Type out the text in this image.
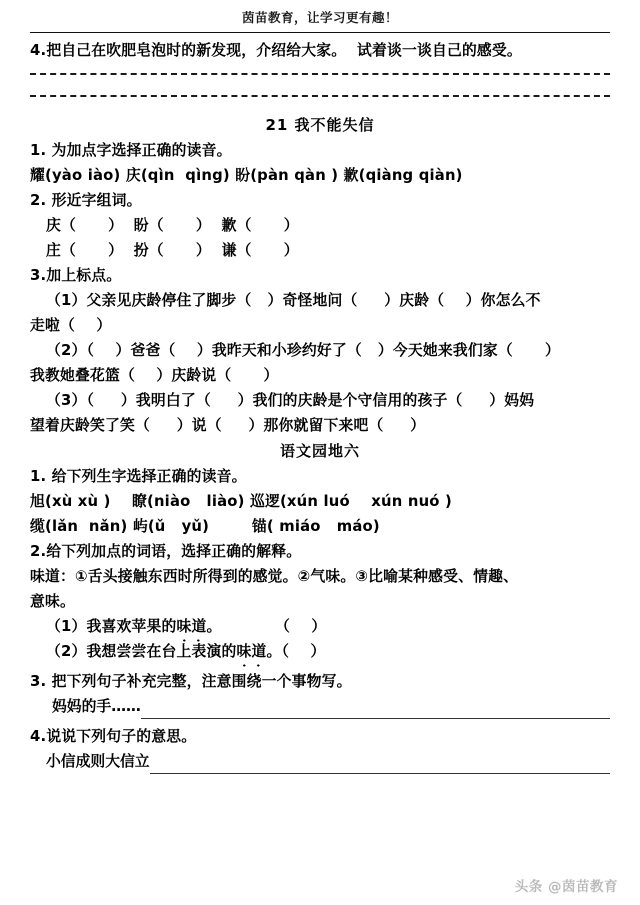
茵苗教育，让学习更有趣！
4.把自己在吹肥皂泡时的新发现，介绍给大家。  试着谈一谈自己的感受。
21 我不能失信
1. 为加点字选择正确的读音。
耀(yào iào) 庆(qìn  qìng) 盼(pàn qàn ) 歉(qiàng qiàn)
2. 形近字组词。
庆（      ）  盼（      ）  歉（      ）
庄（      ）  扮（      ）  谦（      ）
3.加上标点。
（1）父亲见庆龄停住了脚步（   ）奇怪地问（     ）庆龄（    ）你怎么不
走啦（    ）
（2）（    ）爸爸（    ）我昨天和小珍约好了（   ）今天她来我们家（      ）
我教她叠花篮（    ）庆龄说（      ）
（3）（     ）我明白了（     ）我们的庆龄是个守信用的孩子（     ）妈妈
望着庆龄笑了笑（     ）说（     ）那你就留下来吧（     ）
语文园地六
1. 给下列生字选择正确的读音。
旭(xù xù )    瞭(niào   liào) 巡逻(xún luó    xún nuó )
缆(lǎn  nǎn) 屿(ǔ   yǔ)        锚( miáo   máo)
2.给下列加点的词语，选择正确的解释。
味道：①舌头接触东西时所得到的感觉。②气味。③比喻某种感受、情趣、
意味。
（1）我喜欢苹果的味道。          （    ）
（2）我想尝尝在台上表演的味道。（    ）
3. 把下列句子补充完整，注意围绕一个事物写。
妈妈的手……
4.说说下列句子的意思。
小信成则大信立
头条 @茵苗教育
